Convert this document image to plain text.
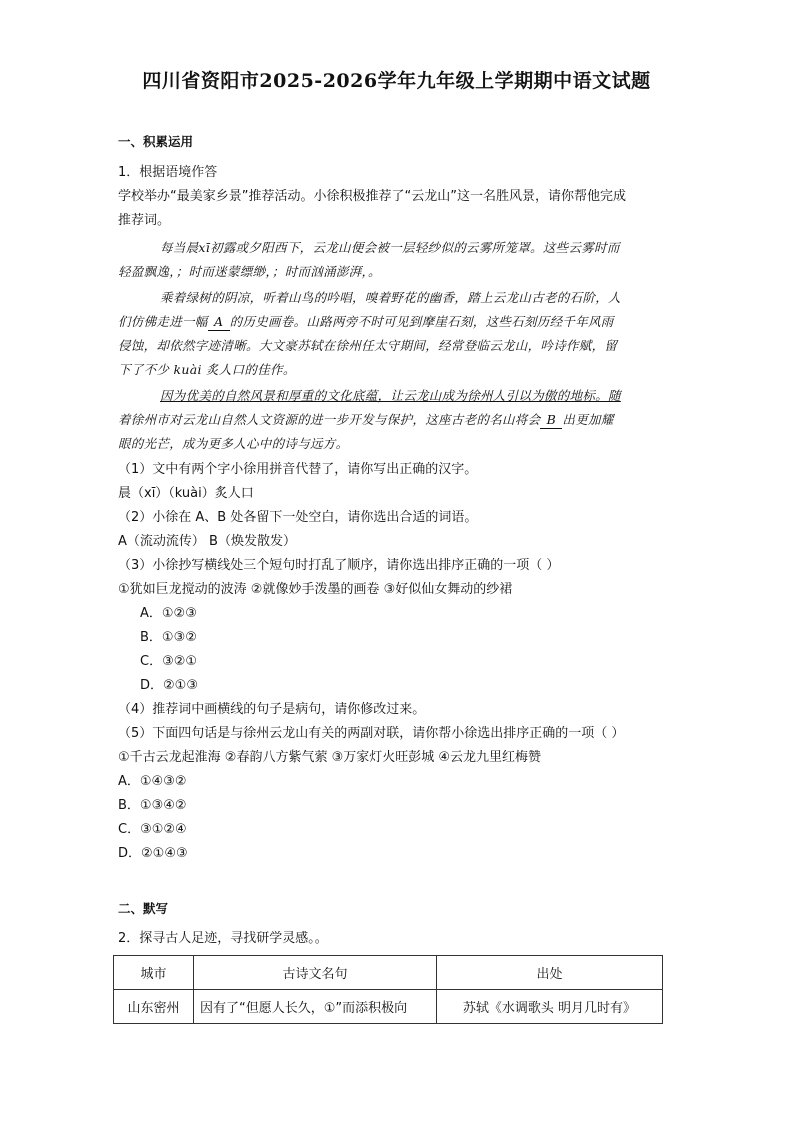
四川省资阳市2025-2026学年九年级上学期期中语文试题
一、积累运用
1．根据语境作答
学校举办“最美家乡景”推荐活动。小徐积极推荐了“云龙山”这一名胜风景，请你帮他完成
推荐词。
每当晨xī初露或夕阳西下，云龙山便会被一层轻纱似的云雾所笼罩。这些云雾时而
轻盈飘逸，；时而迷蒙缥缈，；时而汹涌澎湃，。
乘着绿树的阴凉，听着山鸟的吟唱，嗅着野花的幽香，踏上云龙山古老的石阶，人
们仿佛走进一幅 A 的历史画卷。山路两旁不时可见到摩崖石刻，这些石刻历经千年风雨
侵蚀，却依然字迹清晰。大文豪苏轼在徐州任太守期间，经常登临云龙山，吟诗作赋，留
下了不少 kuài 炙人口的佳作。
因为优美的自然风景和厚重的文化底蕴，让云龙山成为徐州人引以为傲的地标。随
着徐州市对云龙山自然人文资源的进一步开发与保护，这座古老的名山将会 B 出更加耀
眼的光芒，成为更多人心中的诗与远方。
（1）文中有两个字小徐用拼音代替了，请你写出正确的汉字。
晨（xī）（kuài）炙人口
（2）小徐在 A、B 处各留下一处空白，请你选出合适的词语。
A（流动流传） B（焕发散发）
（3）小徐抄写横线处三个短句时打乱了顺序，请你选出排序正确的一项（ ）
①犹如巨龙搅动的波涛 ②就像妙手泼墨的画卷 ③好似仙女舞动的纱裙
A．①②③
B．①③②
C．③②①
D．②①③
（4）推荐词中画横线的句子是病句，请你修改过来。
（5）下面四句话是与徐州云龙山有关的两副对联，请你帮小徐选出排序正确的一项（ ）
①千古云龙起淮海 ②春韵八方紫气萦 ③万家灯火旺彭城 ④云龙九里红梅赞
A．①④③②
B．①③④②
C．③①②④
D．②①④③
二、默写
2．探寻古人足迹，寻找研学灵感。。
城市	古诗文名句	出处
山东密州	因有了“但愿人长久，①”而添积极向	苏轼《水调歌头 明月几时有》
